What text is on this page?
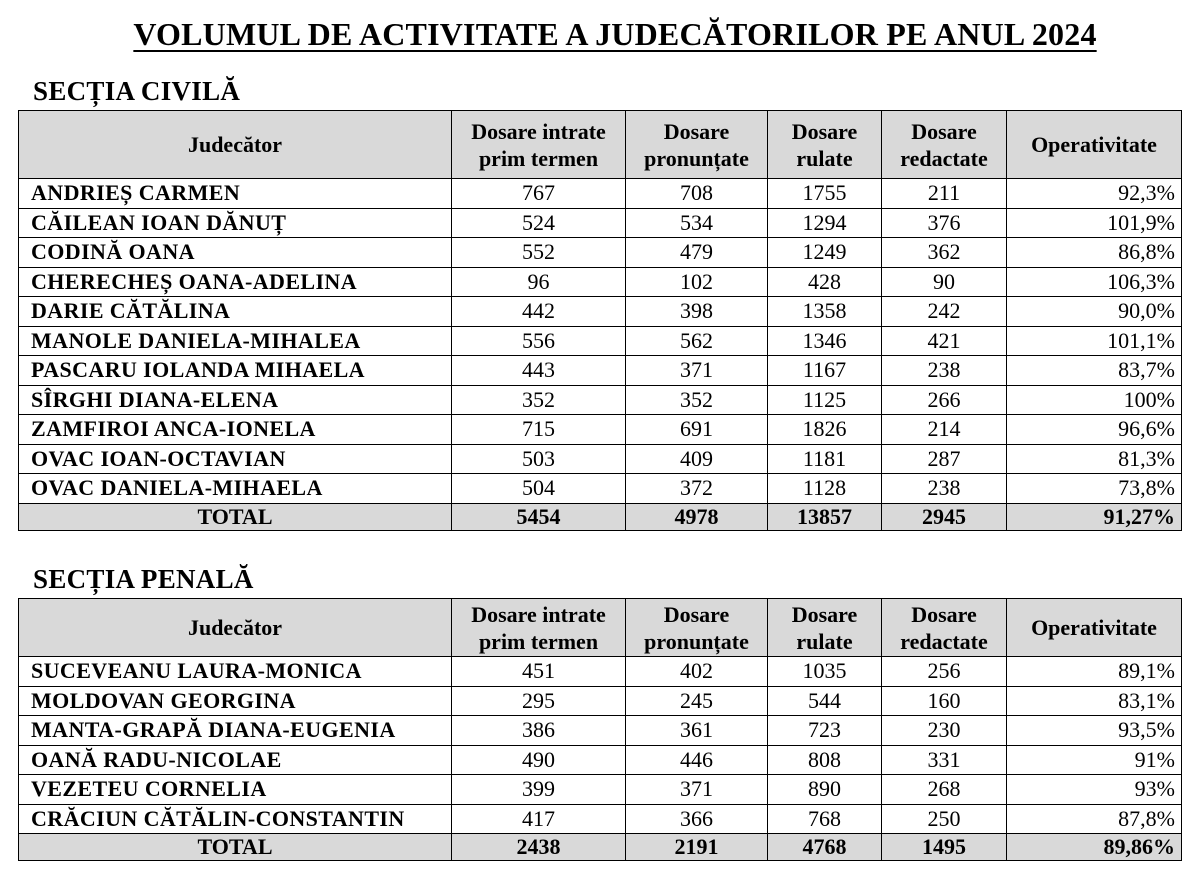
VOLUMUL DE ACTIVITATE A JUDECĂTORILOR PE ANUL 2024
SECȚIA CIVILĂ
Judecător	Dosare intrate prim termen	Dosare pronunțate	Dosare rulate	Dosare redactate	Operativitate
ANDRIEȘ CARMEN	767	708	1755	211	92,3%
CĂILEAN IOAN DĂNUȚ	524	534	1294	376	101,9%
CODINĂ OANA	552	479	1249	362	86,8%
CHERECHEȘ OANA-ADELINA	96	102	428	90	106,3%
DARIE CĂTĂLINA	442	398	1358	242	90,0%
MANOLE DANIELA-MIHALEA	556	562	1346	421	101,1%
PASCARU IOLANDA MIHAELA	443	371	1167	238	83,7%
SÎRGHI DIANA-ELENA	352	352	1125	266	100%
ZAMFIROI ANCA-IONELA	715	691	1826	214	96,6%
OVAC IOAN-OCTAVIAN	503	409	1181	287	81,3%
OVAC DANIELA-MIHAELA	504	372	1128	238	73,8%
TOTAL	5454	4978	13857	2945	91,27%
SECȚIA PENALĂ
Judecător	Dosare intrate prim termen	Dosare pronunțate	Dosare rulate	Dosare redactate	Operativitate
SUCEVEANU LAURA-MONICA	451	402	1035	256	89,1%
MOLDOVAN GEORGINA	295	245	544	160	83,1%
MANTA-GRAPĂ DIANA-EUGENIA	386	361	723	230	93,5%
OANĂ RADU-NICOLAE	490	446	808	331	91%
VEZETEU CORNELIA	399	371	890	268	93%
CRĂCIUN CĂTĂLIN-CONSTANTIN	417	366	768	250	87,8%
TOTAL	2438	2191	4768	1495	89,86%
